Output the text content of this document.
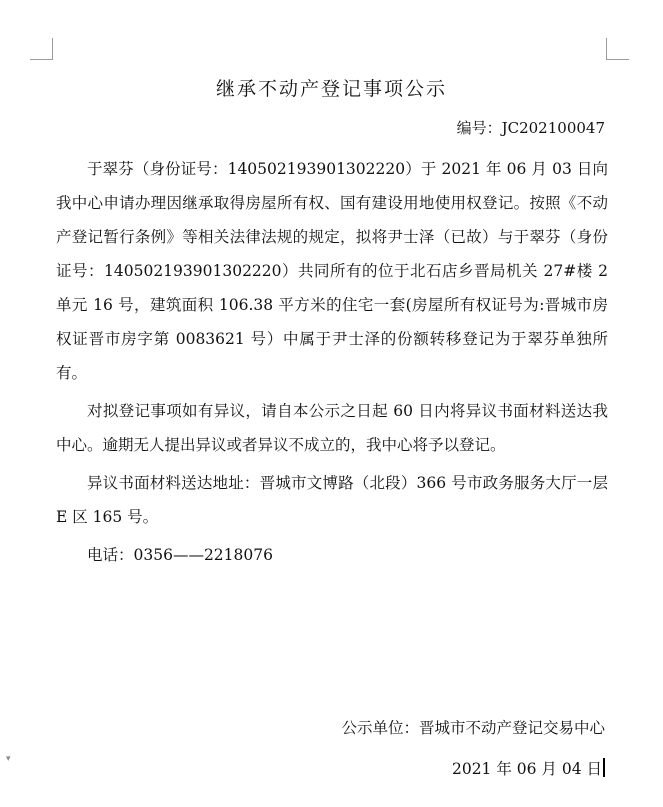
继承不动产登记事项公示
编号：JC202100047

于翠芬（身份证号：140502193901302220）于 2021 年 06 月 03 日向我中心申请办理因继承取得房屋所有权、国有建设用地使用权登记。按照《不动产登记暂行条例》等相关法律法规的规定，拟将尹士泽（已故）与于翠芬（身份证号：140502193901302220）共同所有的位于北石店乡晋局机关 27#楼 2 单元 16 号，建筑面积 106.38 平方米的住宅一套(房屋所有权证号为:晋城市房权证晋市房字第 0083621 号）中属于尹士泽的份额转移登记为于翠芬单独所有。

对拟登记事项如有异议，请自本公示之日起 60 日内将异议书面材料送达我中心。逾期无人提出异议或者异议不成立的，我中心将予以登记。

异议书面材料送达地址：晋城市文博路（北段）366 号市政务服务大厅一层 E 区 165 号。

电话：0356——2218076

公示单位：晋城市不动产登记交易中心
2021 年 06 月 04 日
▾
